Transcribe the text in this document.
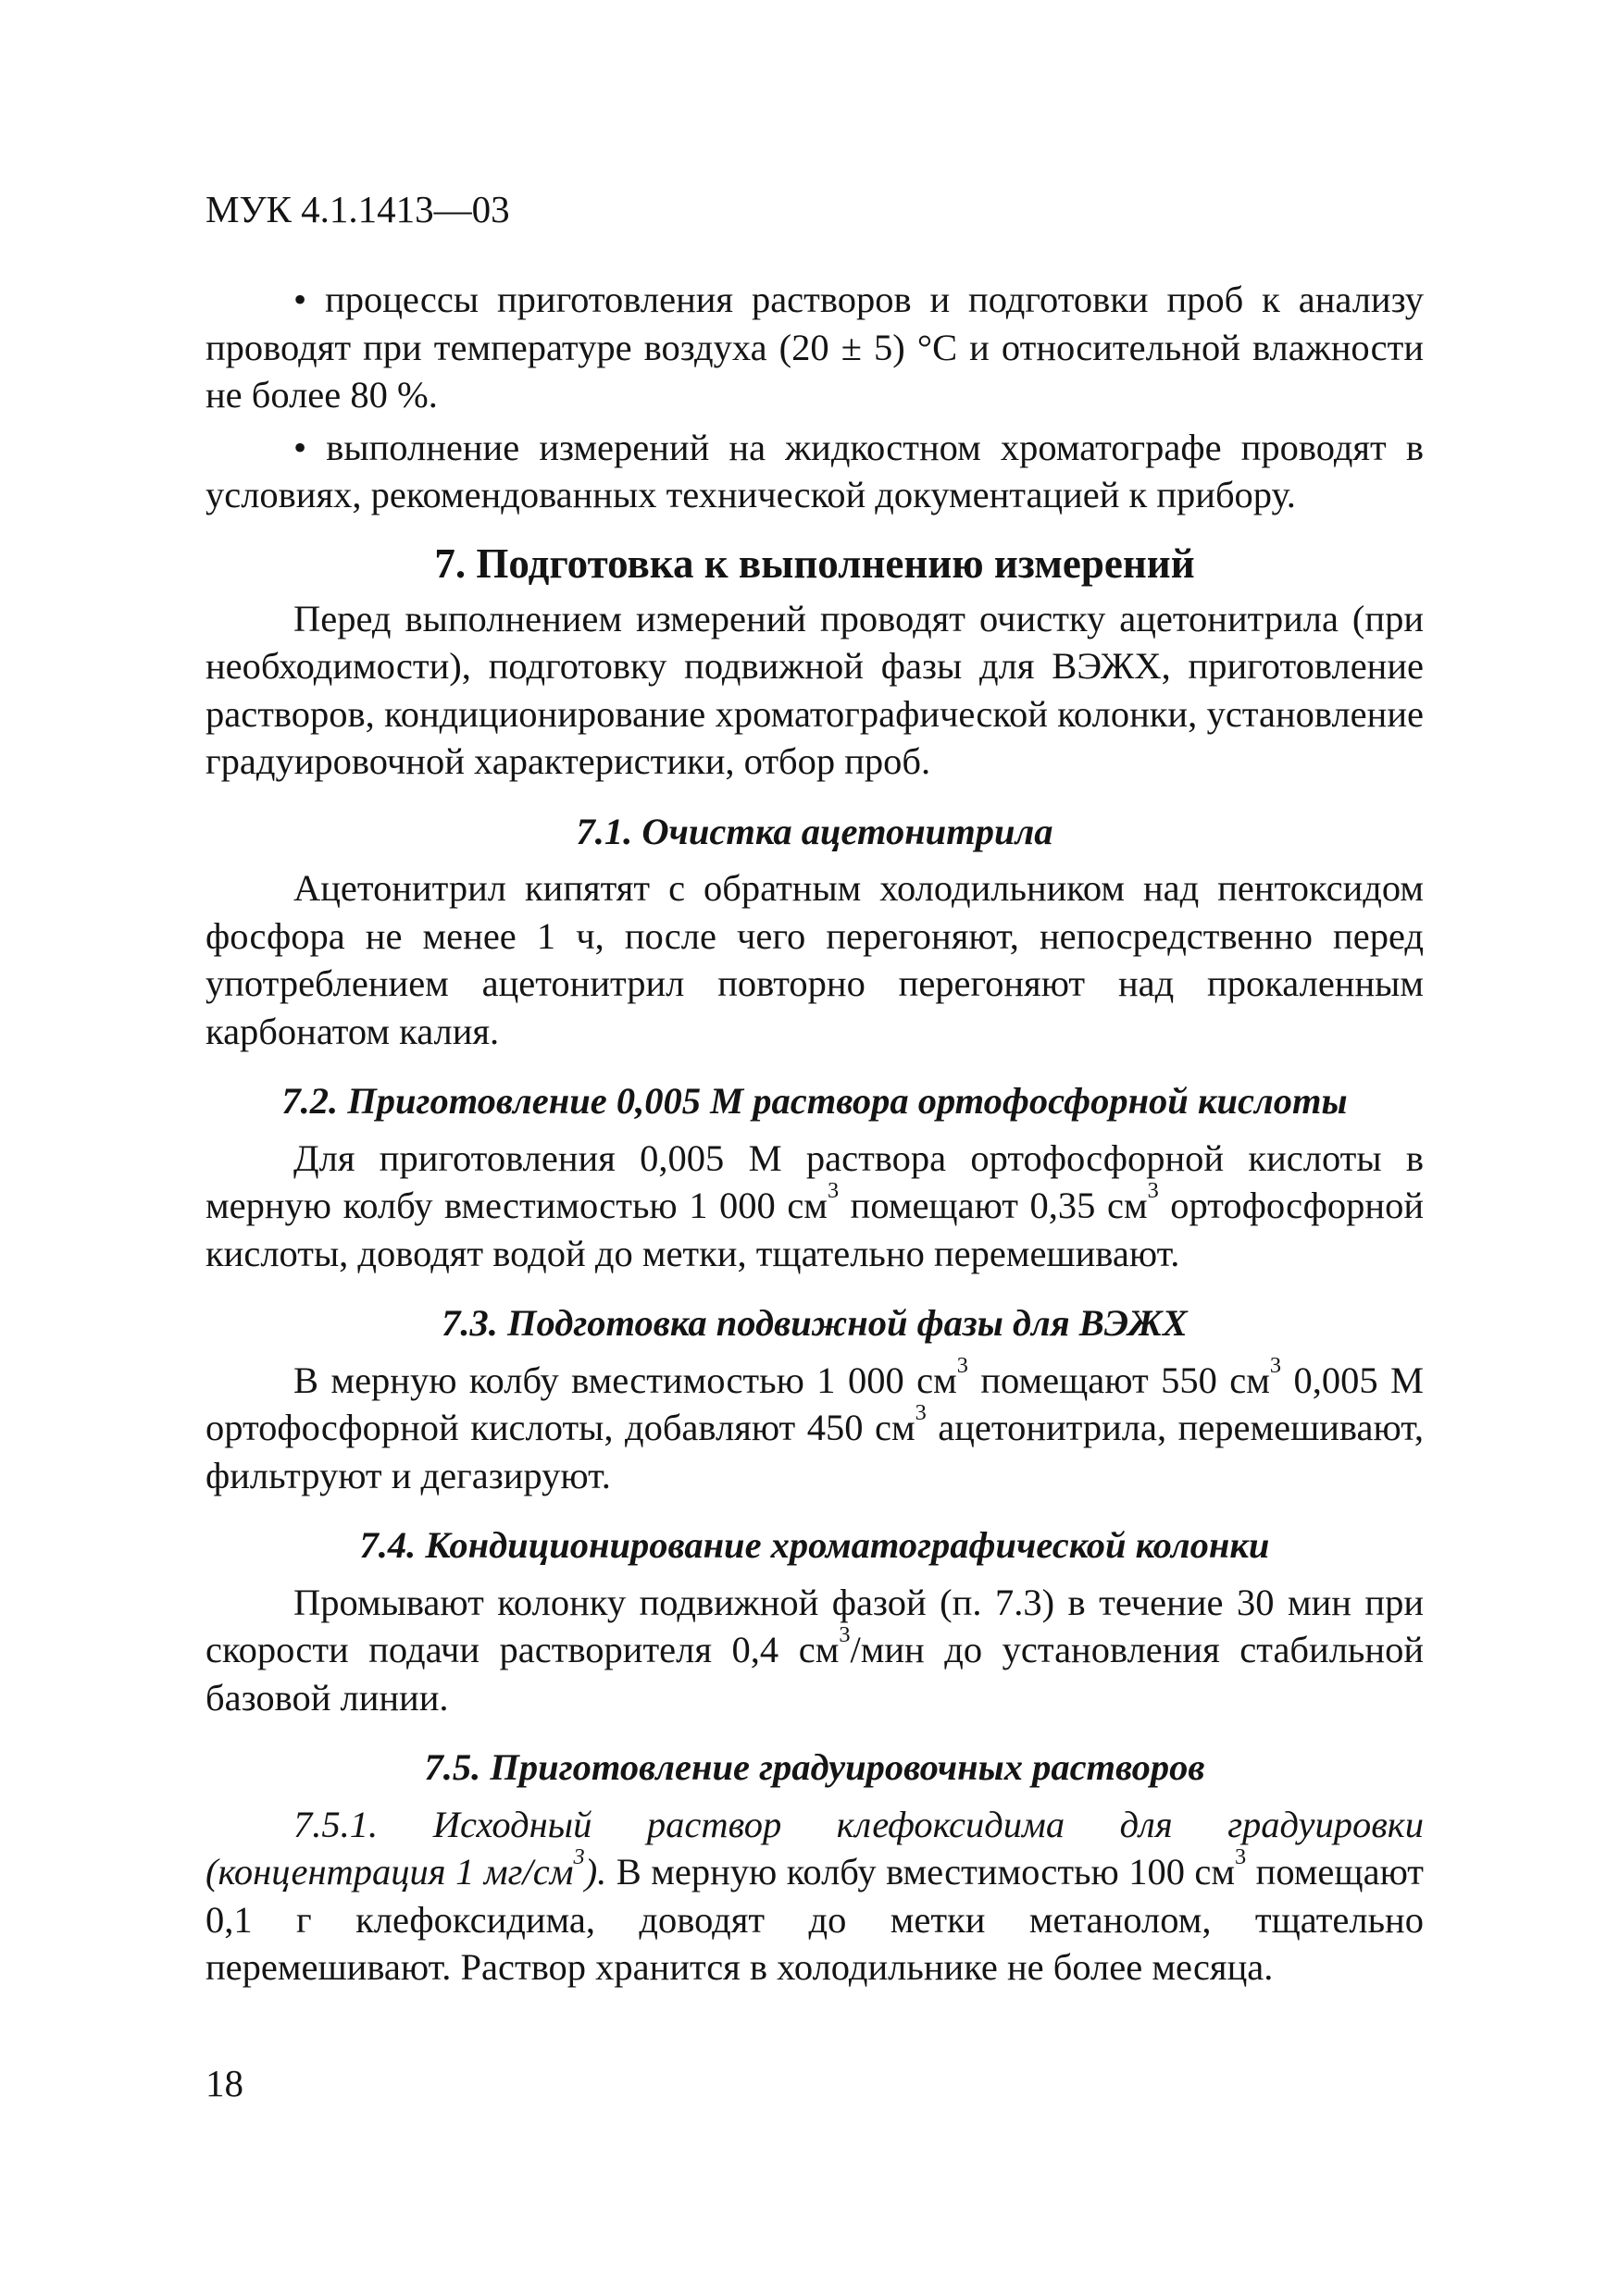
МУК 4.1.1413—03

• процессы приготовления растворов и подготовки проб к анализу проводят при температуре воздуха (20 ± 5) °С и относительной влажности не более 80 %.

• выполнение измерений на жидкостном хроматографе проводят в условиях, рекомендованных технической документацией к прибору.

7. Подготовка к выполнению измерений

Перед выполнением измерений проводят очистку ацетонитрила (при необходимости), подготовку подвижной фазы для ВЭЖХ, приготовление растворов, кондиционирование хроматографической колонки, установление градуировочной характеристики, отбор проб.

7.1. Очистка ацетонитрила

Ацетонитрил кипятят с обратным холодильником над пентоксидом фосфора не менее 1 ч, после чего перегоняют, непосредственно перед употреблением ацетонитрил повторно перегоняют над прокаленным карбонатом калия.

7.2. Приготовление 0,005 М раствора ортофосфорной кислоты

Для приготовления 0,005 М раствора ортофосфорной кислоты в мерную колбу вместимостью 1 000 $см^3$ помещают 0,35 $см^3$ ортофосфорной кислоты, доводят водой до метки, тщательно перемешивают.

7.3. Подготовка подвижной фазы для ВЭЖХ

В мерную колбу вместимостью 1 000 $см^3$ помещают 550 $см^3$ 0,005 М ортофосфорной кислоты, добавляют 450 $см^3$ ацетонитрила, перемешивают, фильтруют и дегазируют.

7.4. Кондиционирование хроматографической колонки

Промывают колонку подвижной фазой (п. 7.3) в течение 30 мин при скорости подачи растворителя 0,4 $см^3$/мин до установления стабильной базовой линии.

7.5. Приготовление градуировочных растворов

7.5.1. Исходный раствор клефоксидима для градуировки (концентрация 1 $мг/см^3$). В мерную колбу вместимостью 100 $см^3$ помещают 0,1 г клефоксидима, доводят до метки метанолом, тщательно перемешивают. Раствор хранится в холодильнике не более месяца.

18
